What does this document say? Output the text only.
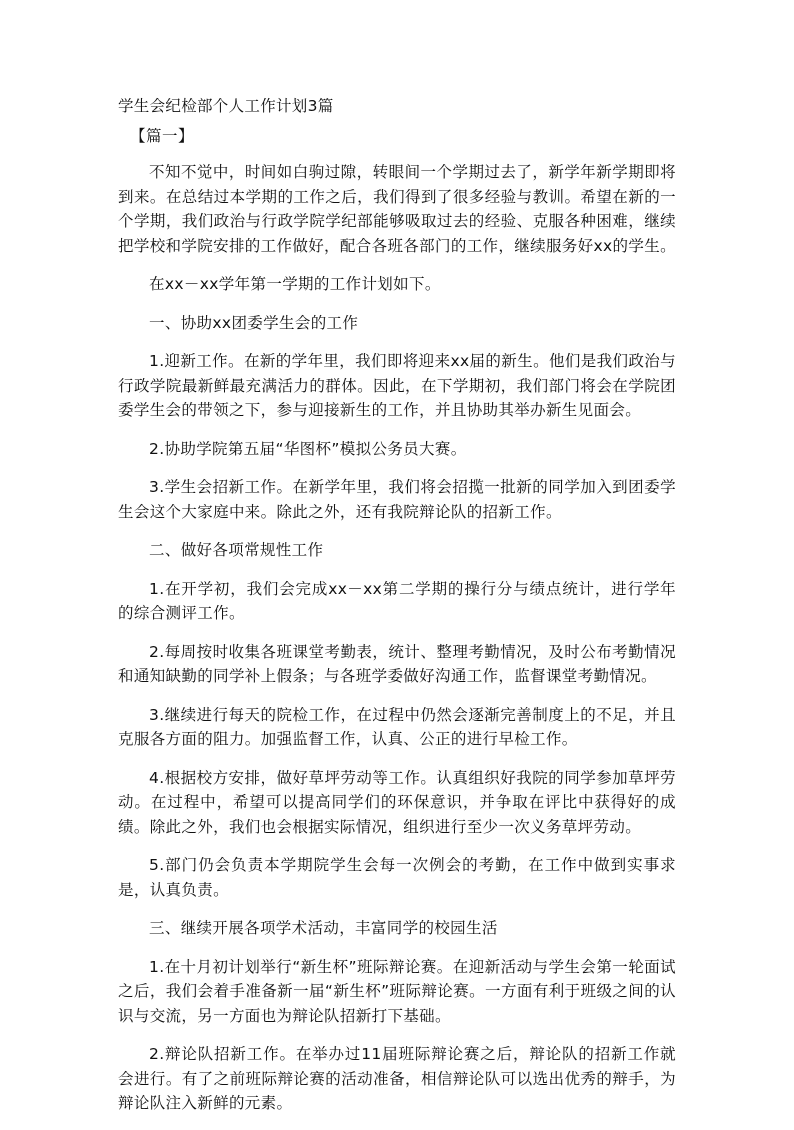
学生会纪检部个人工作计划3篇
【篇一】

不知不觉中，时间如白驹过隙，转眼间一个学期过去了，新学年新学期即将到来。在总结过本学期的工作之后，我们得到了很多经验与教训。希望在新的一个学期，我们政治与行政学院学纪部能够吸取过去的经验、克服各种困难，继续把学校和学院安排的工作做好，配合各班各部门的工作，继续服务好xx的学生。

在xx－xx学年第一学期的工作计划如下。

一、协助xx团委学生会的工作

1.迎新工作。在新的学年里，我们即将迎来xx届的新生。他们是我们政治与行政学院最新鲜最充满活力的群体。因此，在下学期初，我们部门将会在学院团委学生会的带领之下，参与迎接新生的工作，并且协助其举办新生见面会。

2.协助学院第五届“华图杯”模拟公务员大赛。

3.学生会招新工作。在新学年里，我们将会招揽一批新的同学加入到团委学生会这个大家庭中来。除此之外，还有我院辩论队的招新工作。

二、做好各项常规性工作

1.在开学初，我们会完成xx－xx第二学期的操行分与绩点统计，进行学年的综合测评工作。

2.每周按时收集各班课堂考勤表，统计、整理考勤情况，及时公布考勤情况和通知缺勤的同学补上假条；与各班学委做好沟通工作，监督课堂考勤情况。

3.继续进行每天的院检工作，在过程中仍然会逐渐完善制度上的不足，并且克服各方面的阻力。加强监督工作，认真、公正的进行早检工作。

4.根据校方安排，做好草坪劳动等工作。认真组织好我院的同学参加草坪劳动。在过程中，希望可以提高同学们的环保意识，并争取在评比中获得好的成绩。除此之外，我们也会根据实际情况，组织进行至少一次义务草坪劳动。

5.部门仍会负责本学期院学生会每一次例会的考勤，在工作中做到实事求是，认真负责。

三、继续开展各项学术活动，丰富同学的校园生活

1.在十月初计划举行“新生杯”班际辩论赛。在迎新活动与学生会第一轮面试之后，我们会着手准备新一届“新生杯”班际辩论赛。一方面有利于班级之间的认识与交流，另一方面也为辩论队招新打下基础。

2.辩论队招新工作。在举办过11届班际辩论赛之后，辩论队的招新工作就会进行。有了之前班际辩论赛的活动准备，相信辩论队可以选出优秀的辩手，为辩论队注入新鲜的元素。
